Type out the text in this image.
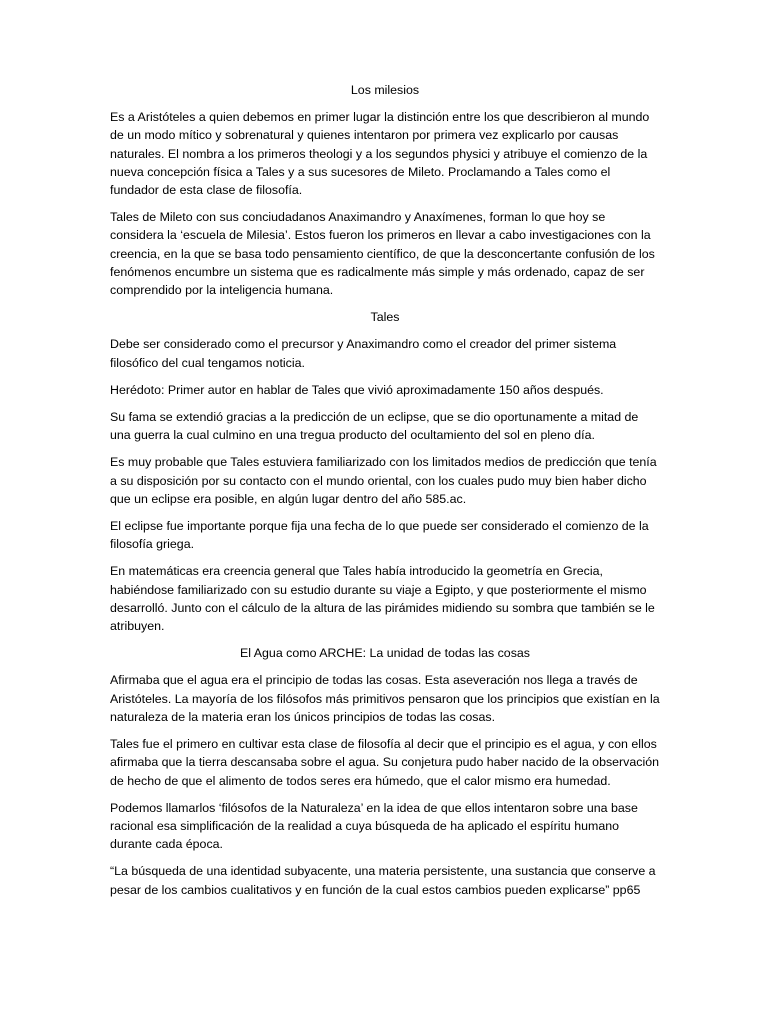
Los milesios

Es a Aristóteles a quien debemos en primer lugar la distinción entre los que describieron al mundo de un modo mítico y sobrenatural y quienes intentaron por primera vez explicarlo por causas naturales. El nombra a los primeros theologi y a los segundos physici y atribuye el comienzo de la nueva concepción física a Tales y a sus sucesores de Mileto. Proclamando a Tales como el fundador de esta clase de filosofía.

Tales de Mileto con sus conciudadanos Anaximandro y Anaxímenes, forman lo que hoy se considera la ‘escuela de Milesia’. Estos fueron los primeros en llevar a cabo investigaciones con la creencia, en la que se basa todo pensamiento científico, de que la desconcertante confusión de los fenómenos encumbre un sistema que es radicalmente más simple y más ordenado, capaz de ser comprendido por la inteligencia humana.

Tales

Debe ser considerado como el precursor y Anaximandro como el creador del primer sistema filosófico del cual tengamos noticia.

Herédoto: Primer autor en hablar de Tales que vivió aproximadamente 150 años después.

Su fama se extendió gracias a la predicción de un eclipse, que se dio oportunamente a mitad de una guerra la cual culmino en una tregua producto del ocultamiento del sol en pleno día.

Es muy probable que Tales estuviera familiarizado con los limitados medios de predicción que tenía a su disposición por su contacto con el mundo oriental, con los cuales pudo muy bien haber dicho que un eclipse era posible, en algún lugar dentro del año 585.ac.

El eclipse fue importante porque fija una fecha de lo que puede ser considerado el comienzo de la filosofía griega.

En matemáticas era creencia general que Tales había introducido la geometría en Grecia, habiéndose familiarizado con su estudio durante su viaje a Egipto, y que posteriormente el mismo desarrolló. Junto con el cálculo de la altura de las pirámides midiendo su sombra que también se le atribuyen.

El Agua como ARCHE: La unidad de todas las cosas

Afirmaba que el agua era el principio de todas las cosas. Esta aseveración nos llega a través de Aristóteles. La mayoría de los filósofos más primitivos pensaron que los principios que existían en la naturaleza de la materia eran los únicos principios de todas las cosas.

Tales fue el primero en cultivar esta clase de filosofía al decir que el principio es el agua, y con ellos afirmaba que la tierra descansaba sobre el agua. Su conjetura pudo haber nacido de la observación de hecho de que el alimento de todos seres era húmedo, que el calor mismo era humedad.

Podemos llamarlos ‘filósofos de la Naturaleza’ en la idea de que ellos intentaron sobre una base racional esa simplificación de la realidad a cuya búsqueda de ha aplicado el espíritu humano durante cada época.

“La búsqueda de una identidad subyacente, una materia persistente, una sustancia que conserve a pesar de los cambios cualitativos y en función de la cual estos cambios pueden explicarse” pp65
